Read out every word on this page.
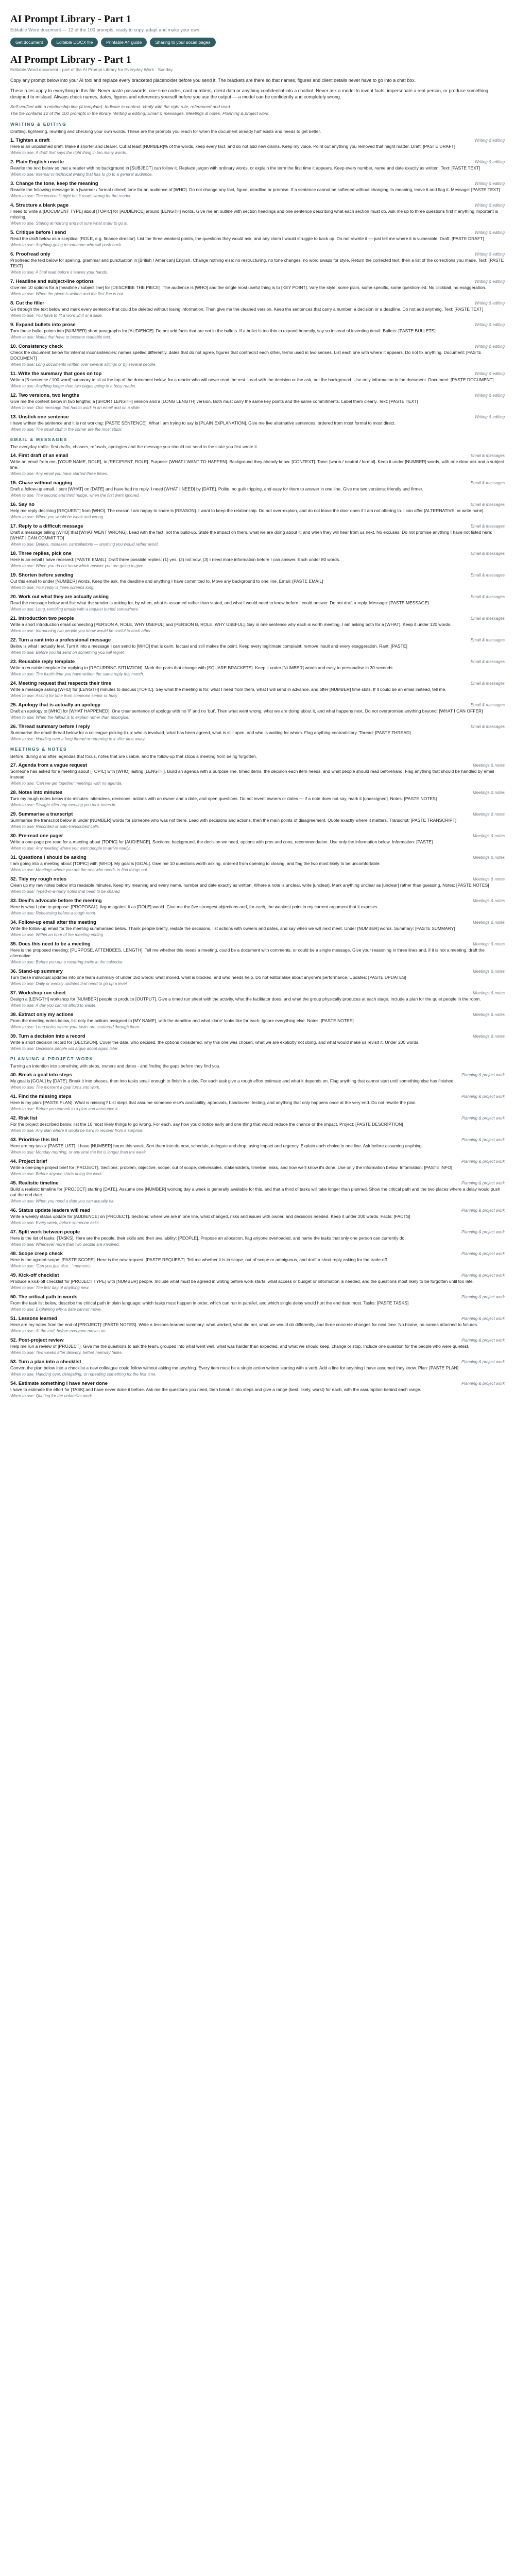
AI Prompt Library - Part 1
Editable Word document — 12 of the 100 prompts, ready to copy, adapt and make your own
Get document	Editable DOCX file	Printable A4 guide	Sharing to your social pages
AI Prompt Library - Part 1
Editable Word document - part of the AI Prompt Library for Everyday Work - Sunday

Copy any prompt below into your AI tool and replace every bracketed placeholder before you send it. The brackets are there so that names, figures and client details never have to go into a chat box.

These rules apply to everything in this file: Never paste passwords, one-time codes, card numbers, client data or anything confidential into a chatbot. Never ask a model to invent facts, impersonate a real person, or produce something designed to mislead. Always check names, dates, figures and references yourself before you use the output — a model can be confidently and completely wrong.

Self-verified with a relationship line (4 template). Indicate in context. Verify with the right rule; referenced and read
The file contains 12 of the 100 prompts in the library. Writing & editing, Email & messages, Meetings & notes, Planning & project work.
WRITING & EDITING
Drafting, tightening, rewriting and checking your own words. These are the prompts you reach for when the document already half exists and needs to get better.
1. Tighten a draft	Writing & editing
Here is an unpolished draft. Make it shorter and clearer. Cut at least [NUMBER]% of the words, keep every fact, and do not add new claims. Keep my voice. Point out anything you removed that might matter. Draft: [PASTE DRAFT]
When to use: A draft that says the right thing in too many words.
2. Plain English rewrite	Writing & editing
Rewrite the text below so that a reader with no background in [SUBJECT] can follow it. Replace jargon with ordinary words, or explain the term the first time it appears. Keep every number, name and date exactly as written. Text: [PASTE TEXT]
When to use: Internal or technical writing that has to go to a general audience.
3. Change the tone, keep the meaning	Writing & editing
Rewrite the following message in a [warmer / formal / direct] tone for an audience of [WHO]. Do not change any fact, figure, deadline or promise. If a sentence cannot be softened without changing its meaning, leave it and flag it. Message: [PASTE TEXT]
When to use: The content is right but it reads wrong for the reader.
4. Structure a blank page	Writing & editing
I need to write a [DOCUMENT TYPE] about [TOPIC] for [AUDIENCE] around [LENGTH] words. Give me an outline with section headings and one sentence describing what each section must do. Ask me up to three questions first if anything important is missing.
When to use: Staring at nothing and not sure what order to go in.
5. Critique before I send	Writing & editing
Read the draft below as a sceptical [ROLE, e.g. finance director]. List the three weakest points, the questions they would ask, and any claim I would struggle to back up. Do not rewrite it — just tell me where it is vulnerable. Draft: [PASTE DRAFT]
When to use: Anything going to someone who will push back.
6. Proofread only	Writing & editing
Proofread the text below for spelling, grammar and punctuation in [British / American] English. Change nothing else: no restructuring, no tone changes, no word swaps for style. Return the corrected text, then a list of the corrections you made. Text: [PASTE TEXT]
When to use: A final read before it leaves your hands.
7. Headline and subject-line options	Writing & editing
Give me 10 options for a [headline / subject line] for [DESCRIBE THE PIECE]. The audience is [WHO] and the single most useful thing is to [KEY POINT]. Vary the style: some plain, some specific, some question-led. No clickbait, no exaggeration.
When to use: When the piece is written and the first line is not.
8. Cut the filler	Writing & editing
Go through the text below and mark every sentence that could be deleted without losing information. Then give me the cleaned version. Keep the sentences that carry a number, a decision or a deadline. Do not add anything. Text: [PASTE TEXT]
When to use: You have to fit a word limit or a slide.
9. Expand bullets into prose	Writing & editing
Turn these bullet points into [NUMBER] short paragraphs for [AUDIENCE]. Do not add facts that are not in the bullets. If a bullet is too thin to expand honestly, say so instead of inventing detail. Bullets: [PASTE BULLETS]
When to use: Notes that have to become readable text.
10. Consistency check	Writing & editing
Check the document below for internal inconsistencies: names spelled differently, dates that do not agree, figures that contradict each other, terms used in two senses. List each one with where it appears. Do not fix anything. Document: [PASTE DOCUMENT]
When to use: Long documents written over several sittings or by several people.
11. Write the summary that goes on top	Writing & editing
Write a [3-sentence / 100-word] summary to sit at the top of the document below, for a reader who will never read the rest. Lead with the decision or the ask, not the background. Use only information in the document. Document: [PASTE DOCUMENT]
When to use: Anything longer than two pages going to a busy reader.
12. Two versions, two lengths	Writing & editing
Give me the content below in two lengths: a [SHORT LENGTH] version and a [LONG LENGTH] version. Both must carry the same key points and the same commitments. Label them clearly. Text: [PASTE TEXT]
When to use: One message that has to work in an email and on a slide.
13. Unstick one sentence	Writing & editing
I have written the sentence and it is not working: [PASTE SENTENCE]. What I am trying to say is [PLAIN EXPLANATION]. Give me five alternative sentences, ordered from most formal to most direct.
When to use: The small stuff in the corner are the most stuck.
EMAIL & MESSAGES
The everyday traffic: first drafts, chasers, refusals, apologies and the message you should not send in the state you first wrote it.
14. First draft of an email	Email & messages
Write an email from me, [YOUR NAME, ROLE], to [RECIPIENT, ROLE]. Purpose: [WHAT I WANT TO HAPPEN]. Background they already know: [CONTEXT]. Tone: [warm / neutral / formal]. Keep it under [NUMBER] words, with one clear ask and a subject line.
When to use: Any email you have started three times.
15. Chase without nagging	Email & messages
Draft a follow-up email. I sent [WHAT] on [DATE] and have had no reply. I need [WHAT I NEED] by [DATE]. Polite, no guilt-tripping, and easy for them to answer in one line. Give me two versions: friendly and firmer.
When to use: The second and third nudge, when the first went ignored.
16. Say no	Email & messages
Help me reply declining [REQUEST] from [WHO]. The reason I am happy to share is [REASON]. I want to keep the relationship. Do not over-explain, and do not leave the door open if I am not offering to. I can offer [ALTERNATIVE, or write none].
When to use: When you would be weak and wrong.
17. Reply to a difficult message	Email & messages
Draft a message telling [WHO] that [WHAT WENT WRONG]. Lead with the fact, not the build-up. State the impact on them, what we are doing about it, and when they will hear from us next. No excuses. Do not promise anything I have not listed here: [WHAT I CAN COMMIT TO]
When to use: Delays, mistakes, cancellations — anything you would rather avoid.
18. Three replies, pick one	Email & messages
Here is an email I have received: [PASTE EMAIL]. Draft three possible replies: (1) yes, (2) not now, (3) I need more information before I can answer. Each under 80 words.
When to use: When you do not know which answer you are going to give.
19. Shorten before sending	Email & messages
Cut this email to under [NUMBER] words. Keep the ask, the deadline and anything I have committed to. Move any background to one line. Email: [PASTE EMAIL]
When to use: Your reply is three screens long.
20. Work out what they are actually asking	Email & messages
Read the message below and list: what the sender is asking for, by when, what is assumed rather than stated, and what I would need to know before I could answer. Do not draft a reply. Message: [PASTE MESSAGE]
When to use: Long, rambling emails with a request buried somewhere.
21. Introduction two people	Email & messages
Write a short introduction email connecting [PERSON A, ROLE, WHY USEFUL] and [PERSON B, ROLE, WHY USEFUL]. Say in one sentence why each is worth meeting. I am asking both for a [WHAT]. Keep it under 120 words.
When to use: Introducing two people you know would be useful to each other.
22. Turn a rant into a professional message	Email & messages
Below is what I actually feel. Turn it into a message I can send to [WHO] that is calm, factual and still makes the point. Keep every legitimate complaint; remove insult and every exaggeration. Rant: [PASTE]
When to use: Before you hit send on something you will regret.
23. Reusable reply template	Email & messages
Write a reusable template for replying to [RECURRING SITUATION]. Mark the parts that change with [SQUARE BRACKETS]. Keep it under [NUMBER] words and easy to personalise in 30 seconds.
When to use: The fourth time you have written the same reply this month.
24. Meeting request that respects their time	Email & messages
Write a message asking [WHO] for [LENGTH] minutes to discuss [TOPIC]. Say what the meeting is for, what I need from them, what I will send in advance, and offer [NUMBER] time slots. If it could be an email instead, tell me.
When to use: Asking for time from someone senior or busy.
25. Apology that is actually an apology	Email & messages
Draft an apology to [WHO] for [WHAT HAPPENED]. One clear sentence of apology with no 'if' and no 'but'. Then what went wrong, what we are doing about it, and what happens next. Do not overpromise anything beyond: [WHAT I CAN OFFER]
When to use: When the fallout is to explain rather than apologise.
26. Thread summary before I reply	Email & messages
Summarise the email thread below for a colleague picking it up: who is involved, what has been agreed, what is still open, and who is waiting for whom. Flag anything contradictory. Thread: [PASTE THREAD]
When to use: Handing over a long thread or returning to it after time away.
MEETINGS & NOTES
Before, during and after: agendas that focus, notes that are usable, and the follow-up that stops a meeting from being forgotten.
27. Agenda from a vague request	Meetings & notes
Someone has asked for a meeting about [TOPIC] with [WHO] lasting [LENGTH]. Build an agenda with a purpose line, timed items, the decision each item needs, and what people should read beforehand. Flag anything that should be handled by email instead.
When to use: 'Can we get together' meetings with no agenda.
28. Notes into minutes	Meetings & notes
Turn my rough notes below into minutes: attendees, decisions, actions with an owner and a date, and open questions. Do not invent owners or dates — if a note does not say, mark it [unassigned]. Notes: [PASTE NOTES]
When to use: Straight after any meeting you took notes in.
29. Summarise a transcript	Meetings & notes
Summarise the transcript below in under [NUMBER] words for someone who was not there. Lead with decisions and actions, then the main points of disagreement. Quote exactly where it matters. Transcript: [PASTE TRANSCRIPT]
When to use: Recorded or auto-transcribed calls.
30. Pre-read one pager	Meetings & notes
Write a one-page pre-read for a meeting about [TOPIC] for [AUDIENCE]. Sections: background, the decision we need, options with pros and cons, recommendation. Use only the information below. Information: [PASTE]
When to use: Any meeting where you want people to arrive ready.
31. Questions I should be asking	Meetings & notes
I am going into a meeting about [TOPIC] with [WHO]. My goal is [GOAL]. Give me 10 questions worth asking, ordered from opening to closing, and flag the two most likely to be uncomfortable.
When to use: Meetings where you are the one who needs to find things out.
32. Tidy my rough notes	Meetings & notes
Clean up my raw notes below into readable minutes. Keep my meaning and every name, number and date exactly as written. Where a note is unclear, write [unclear]. Mark anything unclear as [unclear] rather than guessing. Notes: [PASTE NOTES]
When to use: Typed-in-a-hurry notes that need to be shared.
33. Devil's advocate before the meeting	Meetings & notes
Here is what I plan to propose: [PROPOSAL]. Argue against it as [ROLE] would. Give me the five strongest objections and, for each, the weakest point in my current argument that it exposes.
When to use: Rehearsing before a tough room.
34. Follow-up email after the meeting	Meetings & notes
Write the follow-up email for the meeting summarised below. Thank people briefly, restate the decisions, list actions with owners and dates, and say when we will next meet. Under [NUMBER] words. Summary: [PASTE SUMMARY]
When to use: Within an hour of the meeting ending.
35. Does this need to be a meeting	Meetings & notes
Here is the proposed meeting: [PURPOSE, ATTENDEES, LENGTH]. Tell me whether this needs a meeting, could be a document with comments, or could be a single message. Give your reasoning in three lines and, if it is not a meeting, draft the alternative.
When to use: Before you put a recurring invite in the calendar.
36. Stand-up summary	Meetings & notes
Turn these individual updates into one team summary of under 150 words: what moved, what is blocked, and who needs help. Do not editorialise about anyone's performance. Updates: [PASTE UPDATES]
When to use: Daily or weekly updates that need to go up a level.
37. Workshop run sheet	Meetings & notes
Design a [LENGTH] workshop for [NUMBER] people to produce [OUTPUT]. Give a timed run sheet with the activity, what the facilitator does, and what the group physically produces at each stage. Include a plan for the quiet people in the room.
When to use: A day you cannot afford to waste.
38. Extract only my actions	Meetings & notes
From the meeting notes below, list only the actions assigned to [MY NAME], with the deadline and what 'done' looks like for each. Ignore everything else. Notes: [PASTE NOTES]
When to use: Long notes where your tasks are scattered through them.
39. Turn a decision into a record	Meetings & notes
Write a short decision record for [DECISION]. Cover the date, who decided, the options considered, why this one was chosen, what we are explicitly not doing, and what would make us revisit it. Under 200 words.
When to use: Decisions people will argue about again later.
PLANNING & PROJECT WORK
Turning an intention into something with steps, owners and dates - and finding the gaps before they find you.
40. Break a goal into steps	Planning & project work
My goal is [GOAL] by [DATE]. Break it into phases, then into tasks small enough to finish in a day. For each task give a rough effort estimate and what it depends on. Flag anything that cannot start until something else has finished.
When to use: The moment a goal turns into work.
41. Find the missing steps	Planning & project work
Here is my plan: [PASTE PLAN]. What is missing? List steps that assume someone else's availability, approvals, handovers, testing, and anything that only happens once at the very end. Do not rewrite the plan.
When to use: Before you commit to a plan and announce it.
42. Risk list	Planning & project work
For the project described below, list the 10 most likely things to go wrong. For each, say how you'd notice early and one thing that would reduce the chance or the impact. Project: [PASTE DESCRIPTION]
When to use: Any plan where it would be hard to recover from a surprise.
43. Prioritise this list	Planning & project work
Here are my tasks: [PASTE LIST]. I have [NUMBER] hours this week. Sort them into do now, schedule, delegate and drop, using impact and urgency. Explain each choice in one line. Ask before assuming anything.
When to use: Monday morning, or any time the list is longer than the week.
44. Project brief	Planning & project work
Write a one-page project brief for [PROJECT]. Sections: problem, objective, scope, out of scope, deliverables, stakeholders, timeline, risks, and how we'll know it's done. Use only the information below. Information: [PASTE INFO]
When to use: Before anyone starts doing the work.
45. Realistic timeline	Planning & project work
Build a realistic timeline for [PROJECT] starting [DATE]. Assume one [NUMBER] working day a week is generally available for this, and that a third of tasks will take longer than planned. Show the critical path and the two places where a delay would push out the end date.
When to use: When you need a date you can actually hit.
46. Status update leaders will read	Planning & project work
Write a weekly status update for [AUDIENCE] on [PROJECT]. Sections: where we are in one line, what changed, risks and issues with owner, and decisions needed. Keep it under 200 words. Facts: [FACTS]
When to use: Every week, before someone asks.
47. Split work between people	Planning & project work
Here is the list of tasks: [TASKS]. Here are the people, their skills and their availability: [PEOPLE]. Propose an allocation, flag anyone overloaded, and name the tasks that only one person can currently do.
When to use: Whenever more than two people are involved.
48. Scope creep check	Planning & project work
Here is the agreed scope: [PASTE SCOPE]. Here is the new request: [PASTE REQUEST]. Tell me whether it is in scope, out of scope or ambiguous, and draft a short reply asking for the trade-off.
When to use: 'Can you just also...' moments.
49. Kick-off checklist	Planning & project work
Produce a kick-off checklist for [PROJECT TYPE] with [NUMBER] people. Include what must be agreed in writing before work starts, what access or budget or information is needed, and the questions most likely to be forgotten until too late.
When to use: The first day of anything new.
50. The critical path in words	Planning & project work
From the task list below, describe the critical path in plain language: which tasks must happen in order, which can run in parallel, and which single delay would hurt the end date most. Tasks: [PASTE TASKS]
When to use: Explaining why a date cannot move.
51. Lessons learned	Planning & project work
Here are my notes from the end of [PROJECT]: [PASTE NOTES]. Write a lessons-learned summary: what worked, what did not, what we would do differently, and three concrete changes for next time. No blame, no names attached to failures.
When to use: At the end, before everyone moves on.
52. Post-project review	Planning & project work
Help me run a review of [PROJECT]. Give me the questions to ask the team, grouped into what went well, what was harder than expected, and what we should keep, change or stop. Include one question for the people who were quietest.
When to use: Two weeks after delivery, before memory fades.
53. Turn a plan into a checklist	Planning & project work
Convert the plan below into a checklist a new colleague could follow without asking me anything. Every item must be a single action written starting with a verb. Add a line for anything I have assumed they know. Plan: [PASTE PLAN]
When to use: Handing over, delegating, or repeating something for the first time.
54. Estimate something I have never done	Planning & project work
I have to estimate the effort for [TASK] and have never done it before. Ask me the questions you need, then break it into steps and give a range (best, likely, worst) for each, with the assumption behind each range.
When to use: Quoting for the unfamiliar work.
